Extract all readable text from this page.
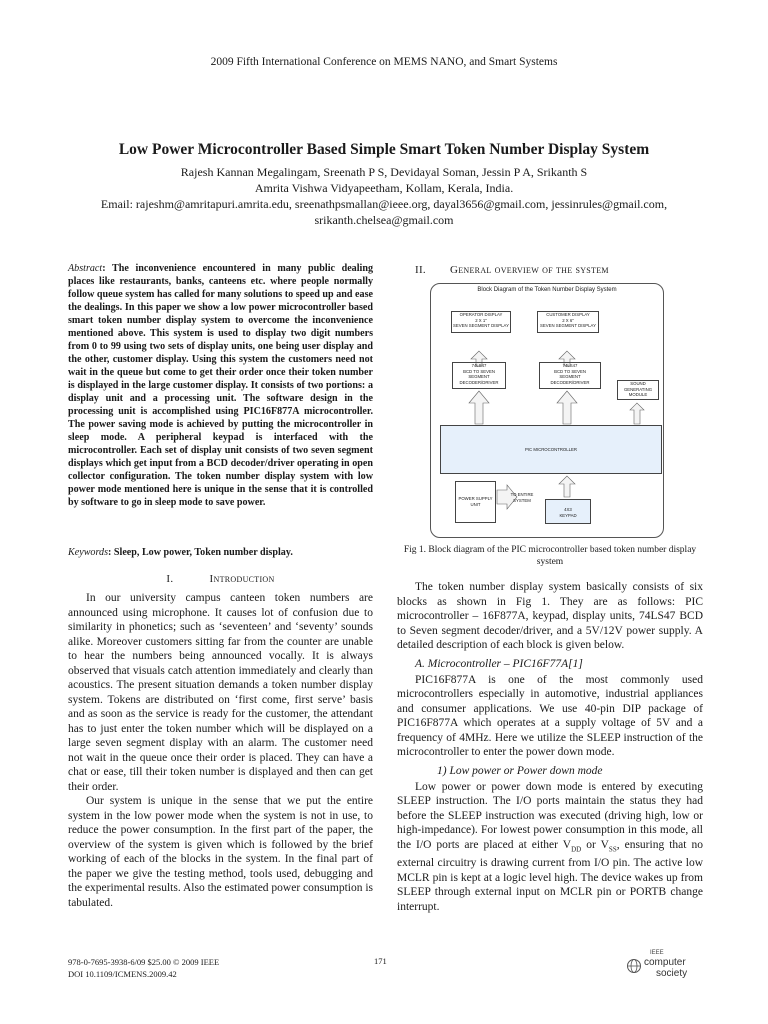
2009 Fifth International Conference on MEMS NANO, and Smart Systems
Low Power Microcontroller Based Simple Smart Token Number Display System
Rajesh Kannan Megalingam, Sreenath P S, Devidayal Soman, Jessin P A, Srikanth S
Amrita Vishwa Vidyapeetham, Kollam, Kerala, India.
Email: rajeshm@amritapuri.amrita.edu, sreenathpsmallan@ieee.org, dayal3656@gmail.com, jessinrules@gmail.com,
srikanth.chelsea@gmail.com
Abstract: The inconvenience encountered in many public dealing places like restaurants, banks, canteens etc. where people normally follow queue system has called for many solutions to speed up and ease the dealings. In this paper we show a low power microcontroller based smart token number display system to overcome the inconvenience mentioned above. This system is used to display two digit numbers from 0 to 99 using two sets of display units, one being user display and the other, customer display. Using this system the customers need not wait in the queue but come to get their order once their token number is displayed in the large customer display. It consists of two portions: a display unit and a processing unit. The software design in the processing unit is accomplished using PIC16F877A microcontroller. The power saving mode is achieved by putting the microcontroller in sleep mode. A peripheral keypad is interfaced with the microcontroller. Each set of display unit consists of two seven segment displays which get input from a BCD decoder/driver operating in open collector configuration. The token number display system with low power mode mentioned here is unique in the sense that it is controlled by software to go in sleep mode to save power.
Keywords: Sleep, Low power, Token number display.
I.	Introduction

In our university campus canteen token numbers are announced using microphone. It causes lot of confusion due to similarity in phonetics; such as ‘seventeen’ and ‘seventy’ sounds alike. Moreover customers sitting far from the counter are unable to hear the numbers being announced vocally. It is always observed that visuals catch attention immediately and clearly than acoustics. The present situation demands a token number display system. Tokens are distributed on ‘first come, first serve’ basis and as soon as the service is ready for the customer, the attendant has to just enter the token number which will be displayed on a large seven segment display with an alarm. The customer need not wait in the queue once their order is placed. They can have a chat or ease, till their token number is displayed and then can get their order.

Our system is unique in the sense that we put the entire system in the low power mode when the system is not in use, to reduce the power consumption. In the first part of the paper, the overview of the system is given which is followed by the brief working of each of the blocks in the system. In the final part of the paper we give the testing method, tools used, debugging and the experimental results. Also the estimated power consumption is tabulated.

II. General overview of the system
Block Diagram of the Token Number Display System
OPERATOR DISPLAY
2 X 1"
SEVEN SEGMENT DISPLAY
CUSTOMER DISPLAY
2 X 6"
SEVEN SEGMENT DISPLAY
74LS47
BCD TO SEVEN
SEGMENT
DECODER/DRIVER
74LS47
BCD TO SEVEN
SEGMENT
DECODER/DRIVER	SOUND
GENERATING
MODULE
PIC MICROCONTROLLER
POWER SUPPLY
UNIT
TO ENTIRE
SYSTEM
4X3
KEYPAD
Fig 1. Block diagram of the PIC microcontroller based token number display system

The token number display system basically consists of six blocks as shown in Fig 1. They are as follows: PIC microcontroller – 16F877A, keypad, display units, 74LS47 BCD to Seven segment decoder/driver, and a 5V/12V power supply. A detailed description of each block is given below.

A. Microcontroller – PIC16F77A[1]

PIC16F877A is one of the most commonly used microcontrollers especially in automotive, industrial appliances and consumer applications. We use 40-pin DIP package of PIC16F877A which operates at a supply voltage of 5V and a frequency of 4MHz. Here we utilize the SLEEP instruction of the microcontroller to enter the power down mode.

1) Low power or Power down mode

Low power or power down mode is entered by executing SLEEP instruction. The I/O ports maintain the status they had before the SLEEP instruction was executed (driving high, low or high-impedance). For lowest power consumption in this mode, all the I/O ports are placed at either $V_{DD}$ or $V_{SS}$, ensuring that no external circuitry is drawing current from I/O pin. The active low MCLR pin is kept at a logic level high. The device wakes up from SLEEP through external input on MCLR pin or PORTB change interrupt.

978-0-7695-3938-6/09 $25.00 © 2009 IEEE
DOI 10.1109/ICMENS.2009.42
171
IEEE
computer
society
